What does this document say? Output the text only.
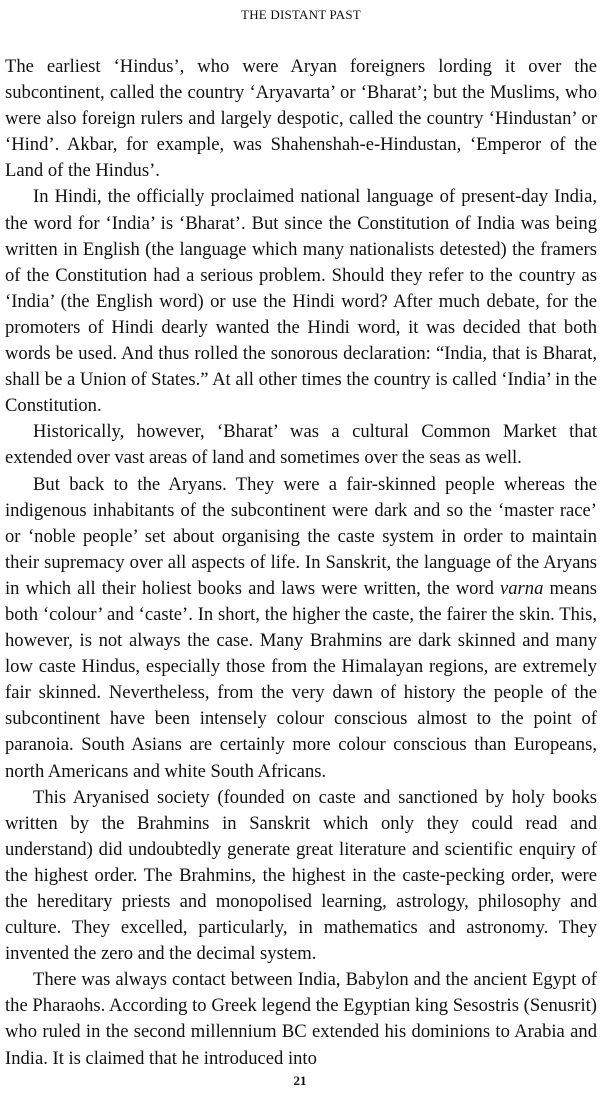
THE DISTANT PAST

The earliest ‘Hindus’, who were Aryan foreigners lording it over the subcontinent, called the country ‘Aryavarta’ or ‘Bharat’; but the Muslims, who were also foreign rulers and largely despotic, called the country ‘Hindustan’ or ‘Hind’. Akbar, for example, was Shahenshah-e-Hindustan, ‘Emperor of the Land of the Hindus’.

In Hindi, the officially proclaimed national language of present-day India, the word for ‘India’ is ‘Bharat’. But since the Constitution of India was being written in English (the language which many nationalists detested) the framers of the Constitution had a serious problem. Should they refer to the country as ‘India’ (the English word) or use the Hindi word? After much debate, for the promoters of Hindi dearly wanted the Hindi word, it was decided that both words be used. And thus rolled the sonorous declaration: “India, that is Bharat, shall be a Union of States.” At all other times the country is called ‘India’ in the Constitution.

Historically, however, ‘Bharat’ was a cultural Common Market that extended over vast areas of land and sometimes over the seas as well.

But back to the Aryans. They were a fair-skinned people whereas the indigenous inhabitants of the subcontinent were dark and so the ‘master race’ or ‘noble people’ set about organising the caste system in order to maintain their supremacy over all aspects of life. In Sanskrit, the language of the Aryans in which all their holiest books and laws were written, the word varna means both ‘colour’ and ‘caste’. In short, the higher the caste, the fairer the skin. This, however, is not always the case. Many Brahmins are dark skinned and many low caste Hindus, especially those from the Himalayan regions, are extremely fair skinned. Nevertheless, from the very dawn of history the people of the subcontinent have been intensely colour conscious almost to the point of paranoia. South Asians are certainly more colour conscious than Europeans, north Americans and white South Africans.

This Aryanised society (founded on caste and sanctioned by holy books written by the Brahmins in Sanskrit which only they could read and understand) did undoubtedly generate great literature and scientific enquiry of the highest order. The Brahmins, the highest in the caste-pecking order, were the hereditary priests and monopolised learning, astrology, philosophy and culture. They excelled, particularly, in mathematics and astronomy. They invented the zero and the decimal system.

There was always contact between India, Babylon and the ancient Egypt of the Pharaohs. According to Greek legend the Egyptian king Sesostris (Senusrit) who ruled in the second millennium BC extended his dominions to Arabia and India. It is claimed that he introduced into

21
